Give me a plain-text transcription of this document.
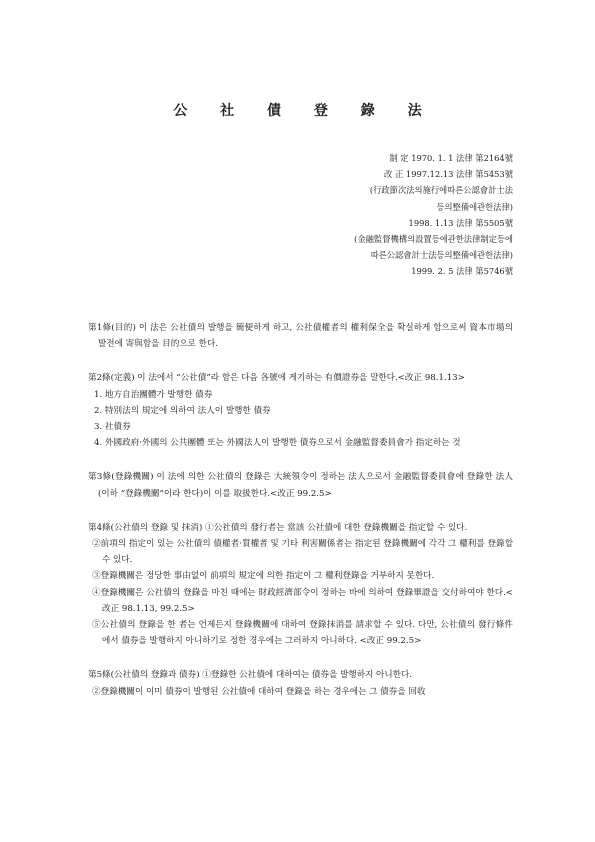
公 社 債 登 錄 法
制 定 1970. 1. 1 法律 第2164號
改 正 1997.12.13 法律 第5453號
(行政節次法의施行에따른公認會計士法
등의整備에관한法律)
1998. 1.13 法律 第5505號
(金融監督機構의設置등에관한法律制定등에
따른公認會計士法등의整備에관한法律)
1999. 2. 5 法律 第5746號
第1條(目的) 이 法은 公社債의 발행을 簡便하게 하고, 公社債權者의 權利保全을 확실하게 함으로써 資本市場의 발전에 寄與함을 目的으로 한다.
第2條(定義) 이 法에서 “公社債”라 함은 다음 各號에 게기하는 有價證券을 말한다.<改正 98.1.13>
1. 地方自治團體가 발행한 債券
2. 特別法의 規定에 의하여 法人이 발행한 債券
3. 社債券
4. 外國政府·外國의 公共團體 또는 外國法人이 발행한 債券으로서 金融監督委員會가 指定하는 것
第3條(登錄機關) 이 法에 의한 公社債의 登錄은 大統領令이 정하는 法人으로서 金融監督委員會에 登錄한 法人(이하 “登錄機關”이라 한다)이 이를 取扱한다.<改正 99.2.5>
第4條(公社債의 登錄 및 抹消) ①公社債의 發行者는 當該 公社債에 대한 登錄機關을 指定할 수 있다.
②前項의 指定이 있는 公社債의 債權者·質權者 및 기타 利害關係者는 指定된 登錄機關에 각각 그 權利를 登錄할 수 있다.
③登錄機關은 정당한 事由없이 前項의 規定에 의한 指定이 그 權利登錄을 거부하지 못한다.
④登錄機關은 公社債의 登錄을 마친 때에는 財政經濟部令이 정하는 바에 의하여 登錄畢證을 交付하여야 한다.<改正 98.1.13, 99.2.5>
⑤公社債의 登錄을 한 者는 언제든지 登錄機關에 대하여 登錄抹消를 請求할 수 있다. 다만, 公社債의 發行條件에서 債券을 발행하지 아니하기로 정한 경우에는 그러하지 아니하다. <改正 99.2.5>
第5條(公社債의 登錄과 債券) ①登錄한 公社債에 대하여는 債券을 발행하지 아니한다.
②登錄機關이 이미 債券이 발행된 公社債에 대하여 登錄을 하는 경우에는 그 債券을 回收
